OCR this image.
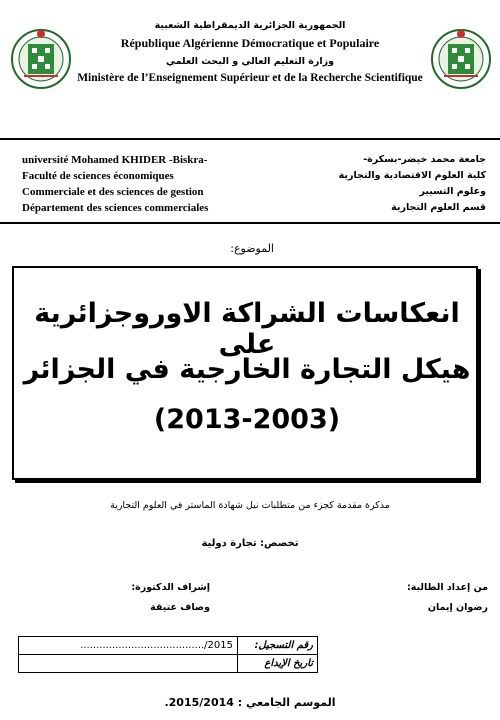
الجمهورية الجزائرية الديمقراطية الشعبية
République Algérienne Démocratique et Populaire
وزارة التعليم العالي و البحث العلمي
Ministère de l’Enseignement Supérieur et de la Recherche Scientifique
université Mohamed KHIDER -Biskra-
Faculté de sciences économiques
Commerciale et des sciences de gestion
Département des sciences commerciales
جامعة محمد خيضر-بسكرة-
كلية العلوم الاقتصادية والتجارية
وعلوم التسيير
قسم العلوم التجارية
الموضوع:
انعكاسات الشراكة الاوروجزائرية على
هيكل التجارة الخارجية في الجزائر
(2013-2003)
مذكرة مقدمة كجزء من متطلبات نيل شهادة الماستر في العلوم التجارية
تخصص: تجارة دولية
من إعداد الطالبة:
رضوان إيمان
إشراف الدكتورة:
وصاف عتيقة
......................................./2015	رقم التسجيل:
	تاريخ الإيداع
الموسم الجامعي : 2015/2014.
